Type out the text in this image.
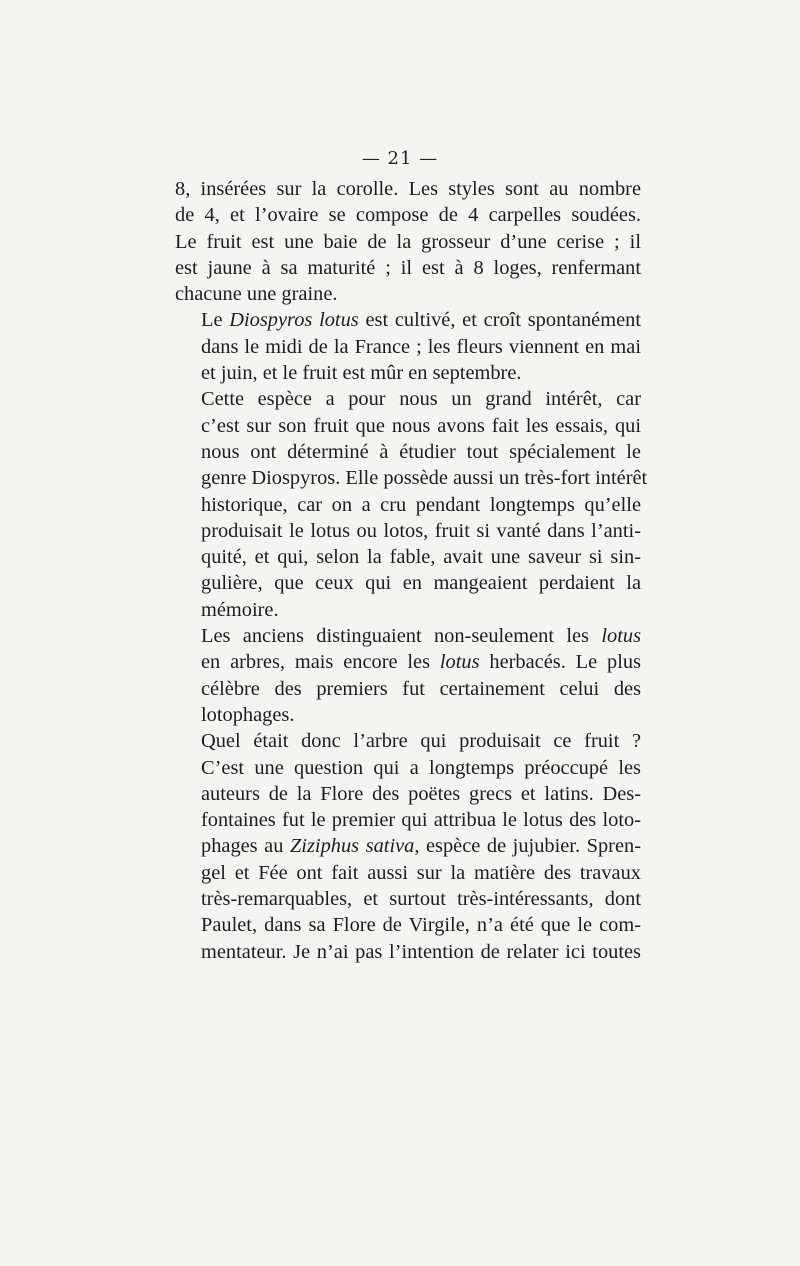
— 21 —

8, insérées sur la corolle. Les styles sont au nombre
de 4, et l’ovaire se compose de 4 carpelles soudées.
Le fruit est une baie de la grosseur d’une cerise ; il
est jaune à sa maturité ; il est à 8 loges, renfermant
chacune une graine.

Le Diospyros lotus est cultivé, et croît spontanément
dans le midi de la France ; les fleurs viennent en mai
et juin, et le fruit est mûr en septembre.

Cette espèce a pour nous un grand intérêt, car
c’est sur son fruit que nous avons fait les essais, qui
nous ont déterminé à étudier tout spécialement le
genre Diospyros. Elle possède aussi un très-fort intérêt
historique, car on a cru pendant longtemps qu’elle
produisait le lotus ou lotos, fruit si vanté dans l’anti-
quité, et qui, selon la fable, avait une saveur si sin-
gulière, que ceux qui en mangeaient perdaient la
mémoire.

Les anciens distinguaient non-seulement les lotus
en arbres, mais encore les lotus herbacés. Le plus
célèbre des premiers fut certainement celui des
lotophages.

Quel était donc l’arbre qui produisait ce fruit ?
C’est une question qui a longtemps préoccupé les
auteurs de la Flore des poëtes grecs et latins. Des-
fontaines fut le premier qui attribua le lotus des loto-
phages au Ziziphus sativa, espèce de jujubier. Spren-
gel et Fée ont fait aussi sur la matière des travaux
très-remarquables, et surtout très-intéressants, dont
Paulet, dans sa Flore de Virgile, n’a été que le com-
mentateur. Je n’ai pas l’intention de relater ici toutes
